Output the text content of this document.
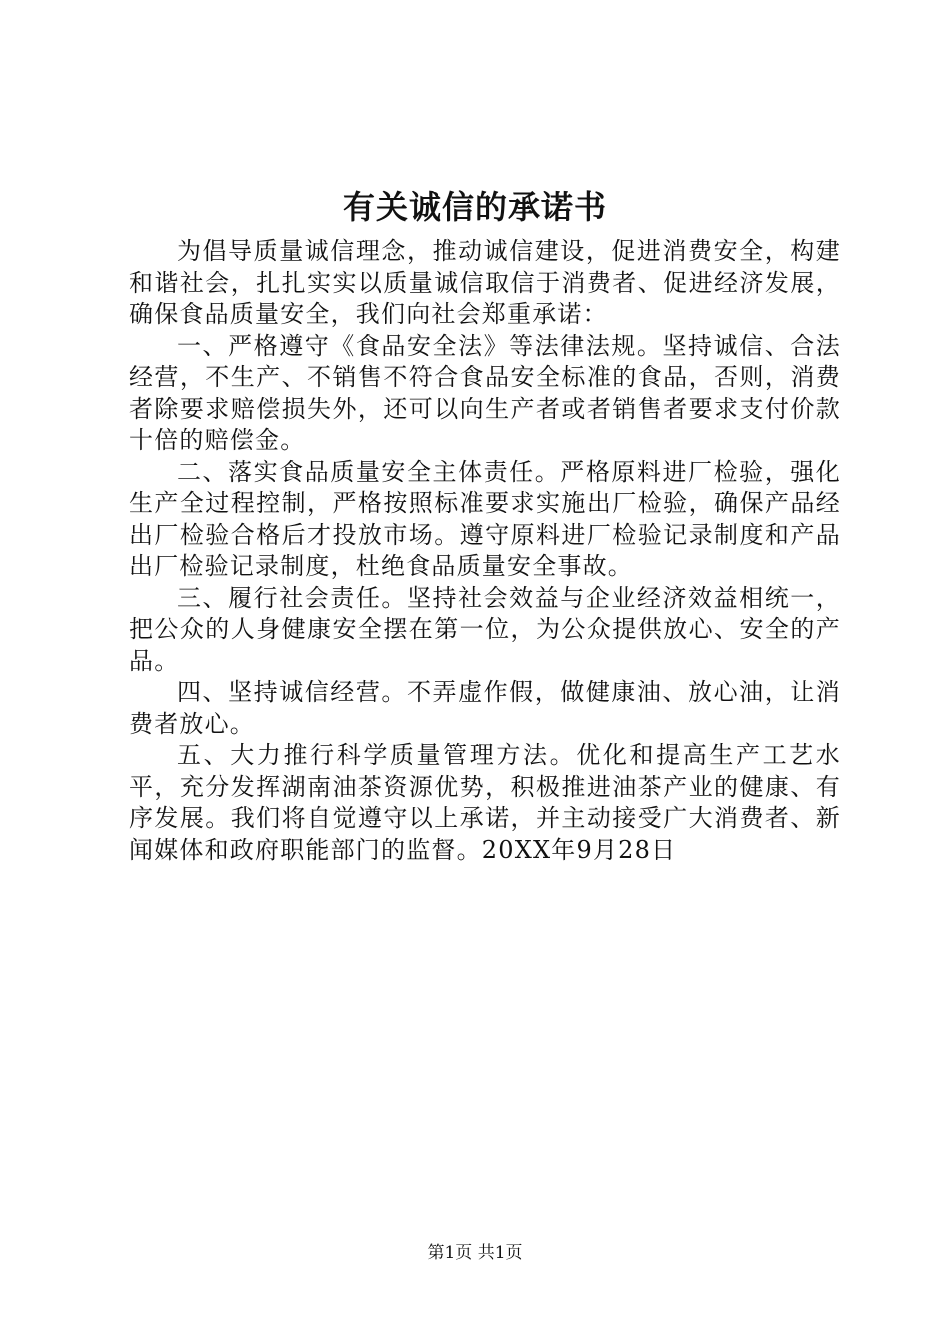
有关诚信的承诺书

为倡导质量诚信理念，推动诚信建设，促进消费安全，构建和谐社会，扎扎实实以质量诚信取信于消费者、促进经济发展，确保食品质量安全，我们向社会郑重承诺：

一、严格遵守《食品安全法》等法律法规。坚持诚信、合法经营，不生产、不销售不符合食品安全标准的食品，否则，消费者除要求赔偿损失外，还可以向生产者或者销售者要求支付价款十倍的赔偿金。

二、落实食品质量安全主体责任。严格原料进厂检验，强化生产全过程控制，严格按照标准要求实施出厂检验，确保产品经出厂检验合格后才投放市场。遵守原料进厂检验记录制度和产品出厂检验记录制度，杜绝食品质量安全事故。

三、履行社会责任。坚持社会效益与企业经济效益相统一，把公众的人身健康安全摆在第一位，为公众提供放心、安全的产品。

四、坚持诚信经营。不弄虚作假，做健康油、放心油，让消费者放心。

五、大力推行科学质量管理方法。优化和提高生产工艺水平，充分发挥湖南油茶资源优势，积极推进油茶产业的健康、有序发展。我们将自觉遵守以上承诺，并主动接受广大消费者、新闻媒体和政府职能部门的监督。20XX年9月28日

第1页 共1页
